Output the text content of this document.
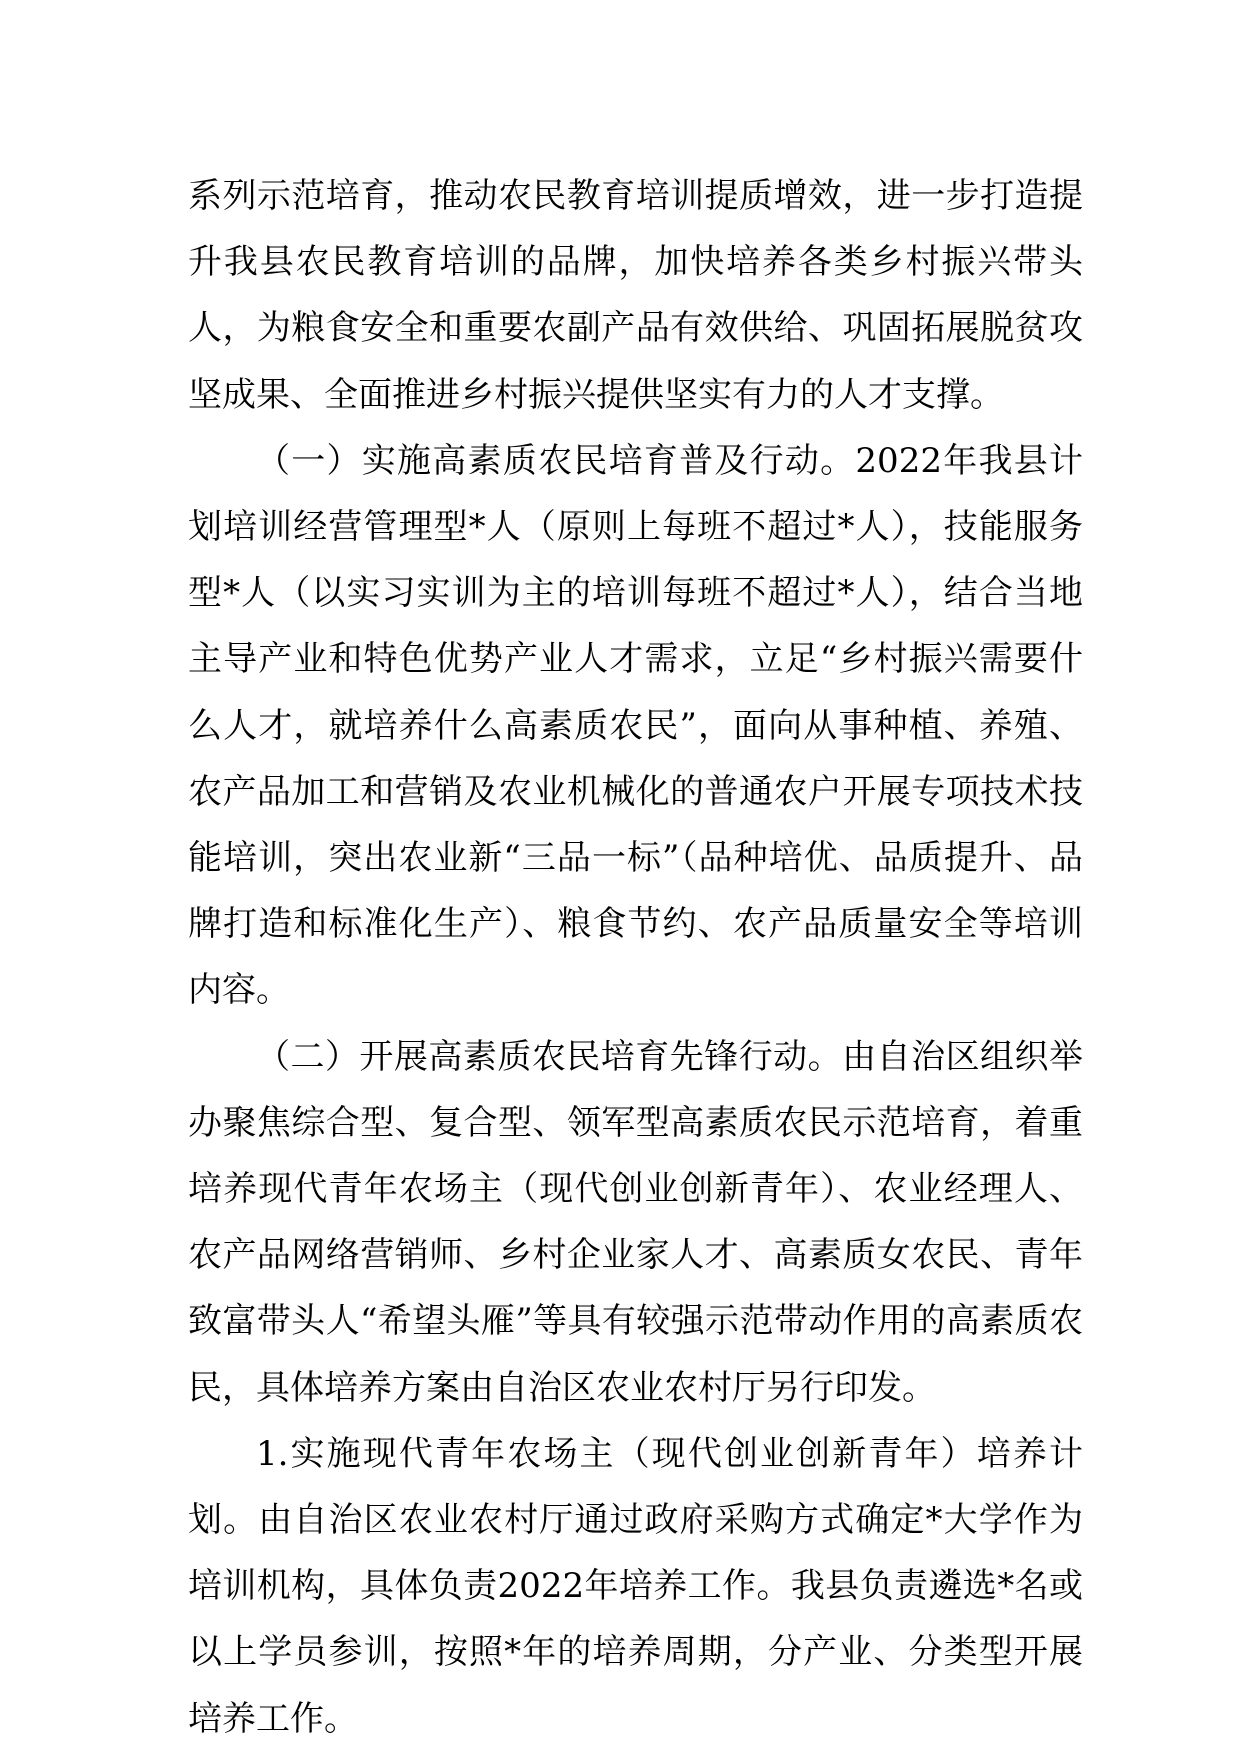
系列示范培育，推动农民教育培训提质增效，进一步打造提升我县农民教育培训的品牌，加快培养各类乡村振兴带头人，为粮食安全和重要农副产品有效供给、巩固拓展脱贫攻坚成果、全面推进乡村振兴提供坚实有力的人才支撑。

（一）实施高素质农民培育普及行动。2022年我县计划培训经营管理型*人（原则上每班不超过*人），技能服务型*人（以实习实训为主的培训每班不超过*人），结合当地主导产业和特色优势产业人才需求，立足“乡村振兴需要什么人才，就培养什么高素质农民”，面向从事种植、养殖、农产品加工和营销及农业机械化的普通农户开展专项技术技能培训，突出农业新“三品一标”（品种培优、品质提升、品牌打造和标准化生产）、粮食节约、农产品质量安全等培训内容。

（二）开展高素质农民培育先锋行动。由自治区组织举办聚焦综合型、复合型、领军型高素质农民示范培育，着重培养现代青年农场主（现代创业创新青年）、农业经理人、农产品网络营销师、乡村企业家人才、高素质女农民、青年致富带头人“希望头雁”等具有较强示范带动作用的高素质农民，具体培养方案由自治区农业农村厅另行印发。

1.实施现代青年农场主（现代创业创新青年）培养计划。由自治区农业农村厅通过政府采购方式确定*大学作为培训机构，具体负责2022年培养工作。我县负责遴选*名或以上学员参训，按照*年的培养周期，分产业、分类型开展培养工作。
